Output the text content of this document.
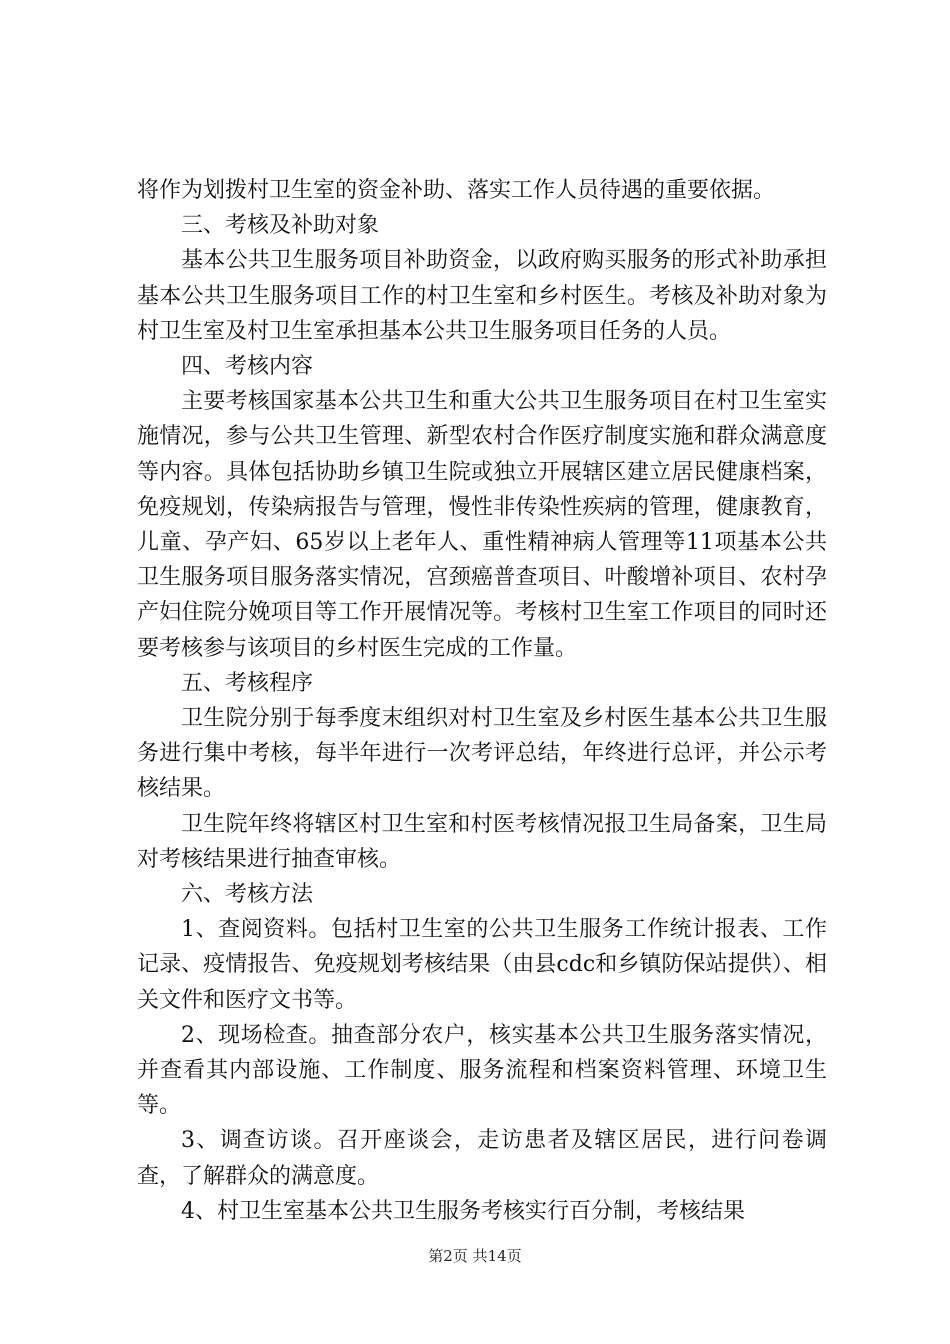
将作为划拨村卫生室的资金补助、落实工作人员待遇的重要依据。

三、考核及补助对象

基本公共卫生服务项目补助资金，以政府购买服务的形式补助承担基本公共卫生服务项目工作的村卫生室和乡村医生。考核及补助对象为村卫生室及村卫生室承担基本公共卫生服务项目任务的人员。

四、考核内容

主要考核国家基本公共卫生和重大公共卫生服务项目在村卫生室实施情况，参与公共卫生管理、新型农村合作医疗制度实施和群众满意度等内容。具体包括协助乡镇卫生院或独立开展辖区建立居民健康档案，免疫规划，传染病报告与管理，慢性非传染性疾病的管理，健康教育，儿童、孕产妇、65岁以上老年人、重性精神病人管理等11项基本公共卫生服务项目服务落实情况，宫颈癌普查项目、叶酸增补项目、农村孕产妇住院分娩项目等工作开展情况等。考核村卫生室工作项目的同时还要考核参与该项目的乡村医生完成的工作量。

五、考核程序

卫生院分别于每季度末组织对村卫生室及乡村医生基本公共卫生服务进行集中考核，每半年进行一次考评总结，年终进行总评，并公示考核结果。

卫生院年终将辖区村卫生室和村医考核情况报卫生局备案，卫生局对考核结果进行抽查审核。

六、考核方法

1、查阅资料。包括村卫生室的公共卫生服务工作统计报表、工作记录、疫情报告、免疫规划考核结果（由县cdc和乡镇防保站提供）、相关文件和医疗文书等。

2、现场检查。抽查部分农户，核实基本公共卫生服务落实情况，并查看其内部设施、工作制度、服务流程和档案资料管理、环境卫生等。

3、调查访谈。召开座谈会，走访患者及辖区居民，进行问卷调查，了解群众的满意度。

4、村卫生室基本公共卫生服务考核实行百分制，考核结果

第2页 共14页
